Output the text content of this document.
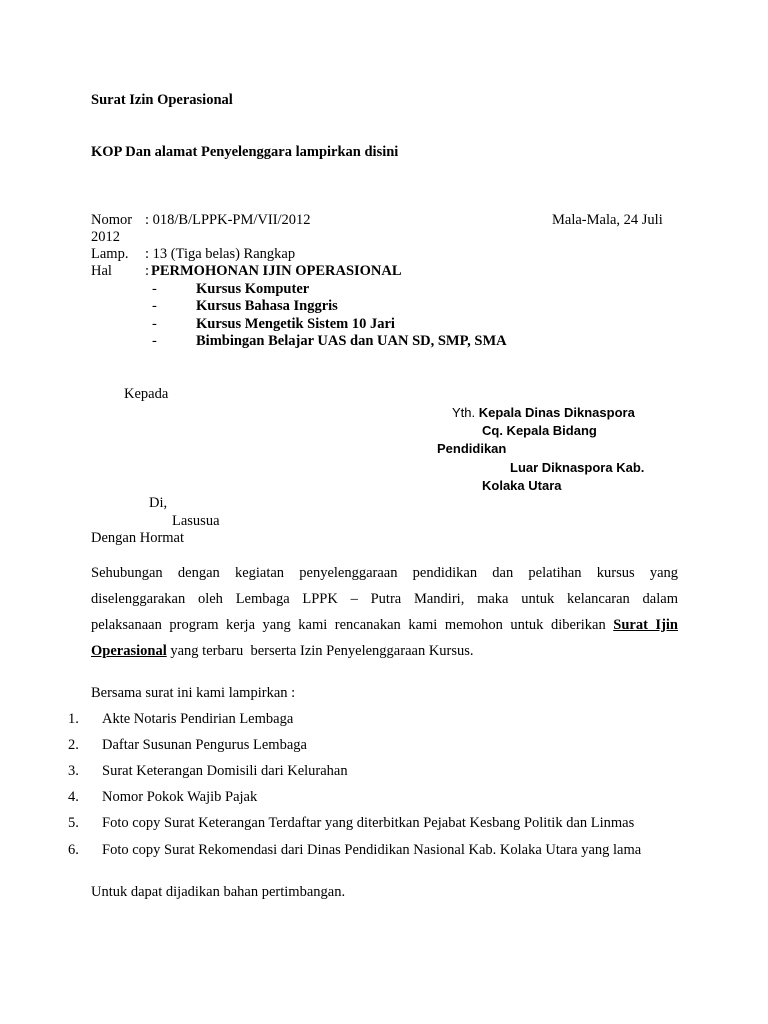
Surat Izin Operasional
KOP Dan alamat Penyelenggara lampirkan disini
Nomor : 018/B/LPPK-PM/VII/2012	Mala-Mala, 24 Juli
2012
Lamp. : 13 (Tiga belas) Rangkap
Hal : PERMOHONAN IJIN OPERASIONAL
-	Kursus Komputer
-	Kursus Bahasa Inggris
-	Kursus Mengetik Sistem 10 Jari
-	Bimbingan Belajar UAS dan UAN SD, SMP, SMA
Kepada
Yth. Kepala Dinas Diknaspora
Cq. Kepala Bidang
Pendidikan
Luar Diknaspora Kab.
Kolaka Utara
Di,
Lasusua
Dengan Hormat
Sehubungan dengan kegiatan penyelenggaraan pendidikan dan pelatihan kursus yang
diselenggarakan oleh Lembaga LPPK – Putra Mandiri, maka untuk kelancaran dalam
pelaksanaan program kerja yang kami rencanakan kami memohon untuk diberikan Surat Ijin
Operasional yang terbaru  berserta Izin Penyelenggaraan Kursus.
Bersama surat ini kami lampirkan :
1. Akte Notaris Pendirian Lembaga
2. Daftar Susunan Pengurus Lembaga
3. Surat Keterangan Domisili dari Kelurahan
4. Nomor Pokok Wajib Pajak
5. Foto copy Surat Keterangan Terdaftar yang diterbitkan Pejabat Kesbang Politik dan Linmas
6. Foto copy Surat Rekomendasi dari Dinas Pendidikan Nasional Kab. Kolaka Utara yang lama
Untuk dapat dijadikan bahan pertimbangan.
